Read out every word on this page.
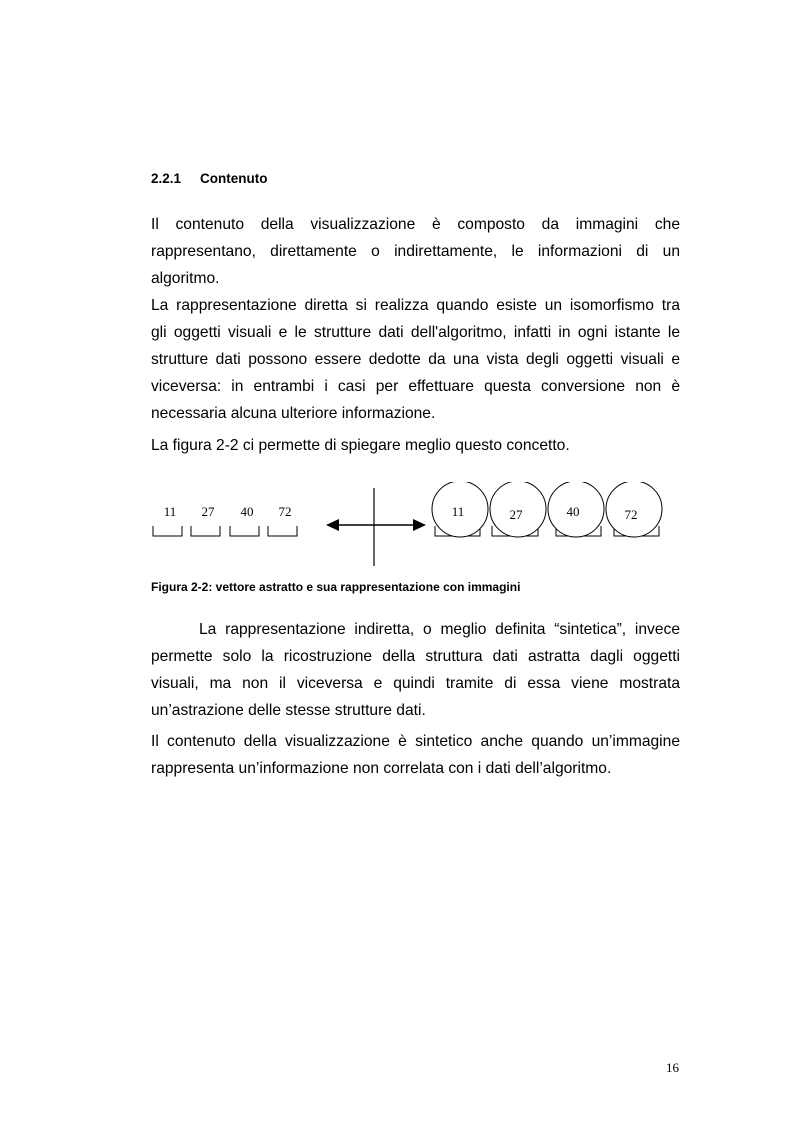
2.2.1 Contenuto

Il contenuto della visualizzazione è composto da immagini che
rappresentano, direttamente o indirettamente, le informazioni di un
algoritmo.

La rappresentazione diretta si realizza quando esiste un isomorfismo tra
gli oggetti visuali e le strutture dati dell'algoritmo, infatti in ogni istante le
strutture dati possono essere dedotte da una vista degli oggetti visuali e
viceversa: in entrambi i casi per effettuare questa conversione non è
necessaria alcuna ulteriore informazione.

La figura 2-2 ci permette di spiegare meglio questo concetto.

11 27 40 72	11	27	40	72
Figura 2-2: vettore astratto e sua rappresentazione con immagini

La rappresentazione indiretta, o meglio definita “sintetica”, invece
permette solo la ricostruzione della struttura dati astratta dagli oggetti
visuali, ma non il viceversa e quindi tramite di essa viene mostrata
un’astrazione delle stesse strutture dati.

Il contenuto della visualizzazione è sintetico anche quando un’immagine
rappresenta un’informazione non correlata con i dati dell’algoritmo.

16
